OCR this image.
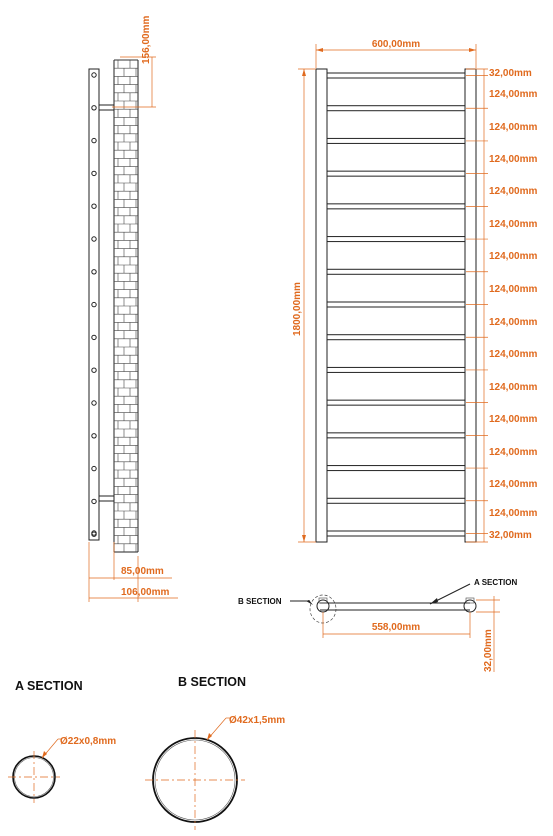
156,00mm
85,00mm
106,00mm
600,00mm
1800,00mm
32,00mm
124,00mm
124,00mm
124,00mm
124,00mm
124,00mm
124,00mm
124,00mm
124,00mm
124,00mm
124,00mm
124,00mm
124,00mm
124,00mm
124,00mm
32,00mm
B SECTION
A SECTION
558,00mm
32,00mm
A SECTION
Ø22x0,8mm
B SECTION
Ø42x1,5mm
